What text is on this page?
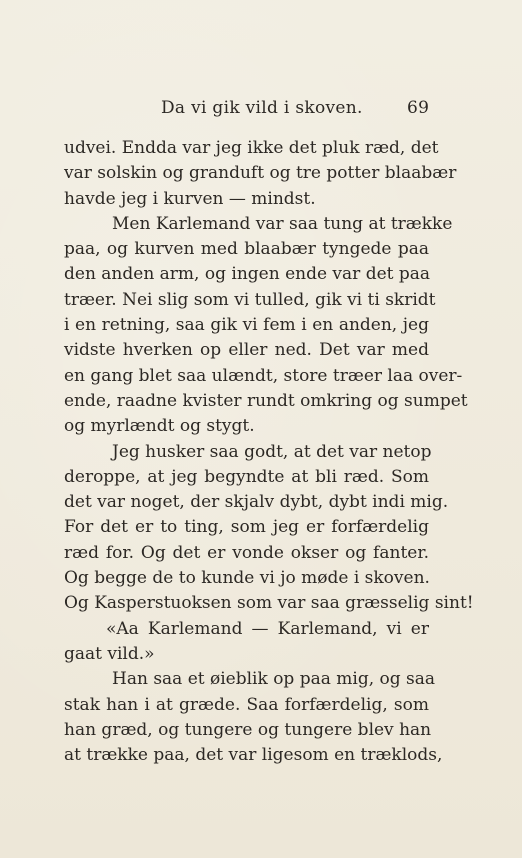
Da vi gik vild i skoven.	69
udvei. Endda var jeg ikke det pluk ræd, det
var solskin og granduft og tre potter blaabær
havde jeg i kurven — mindst.
Men Karlemand var saa tung at trække
paa, og kurven med blaabær tyngede paa
den anden arm, og ingen ende var det paa
træer. Nei slig som vi tulled, gik vi ti skridt
i en retning, saa gik vi fem i en anden, jeg
vidste hverken op eller ned. Det var med
en gang blet saa ulændt, store træer laa over-
ende, raadne kvister rundt omkring og sumpet
og myrlændt og stygt.
Jeg husker saa godt, at det var netop
deroppe, at jeg begyndte at bli ræd. Som
det var noget, der skjalv dybt, dybt indi mig.
For det er to ting, som jeg er forfærdelig
ræd for. Og det er vonde okser og fanter.
Og begge de to kunde vi jo møde i skoven.
Og Kasperstuoksen som var saa græsselig sint!
«Aa Karlemand — Karlemand, vi er
gaat vild.»
Han saa et øieblik op paa mig, og saa
stak han i at græde. Saa forfærdelig, som
han græd, og tungere og tungere blev han
at trække paa, det var ligesom en træklods,
